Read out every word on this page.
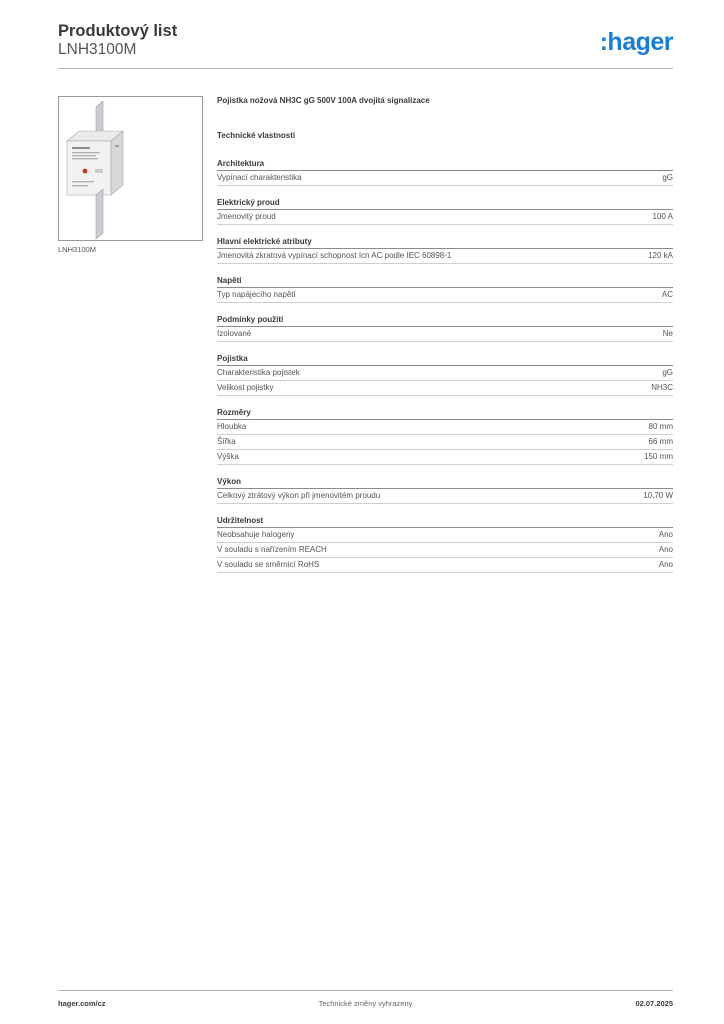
Produktový list
LNH3100M	:hager
LNH3100M
Pojistka nožová NH3C gG 500V 100A dvojitá signalizace
Technické vlastnosti
Architektura
Vypínací charakteristika	gG
Elektrický proud
Jmenovitý proud	100 A
Hlavní elektrické atributy
Jmenovitá zkratová vypínací schopnost Icn AC podle IEC 60898-1	120 kA
Napětí
Typ napájecího napětí	AC
Podmínky použití
Izolované	Ne
Pojistka
Charakteristika pojistek	gG
Velikost pojistky	NH3C
Rozměry
Hloubka	80 mm
Šířka	66 mm
Výška	150 mm
Výkon
Celkový ztrátový výkon při jmenovitém proudu	10,70 W
Udržitelnost
Neobsahuje halogeny	Ano
V souladu s nařízením REACH	Ano
V souladu se směrnicí RoHS	Ano
hager.com/cz	Technické změny vyhrazeny	02.07.2025
